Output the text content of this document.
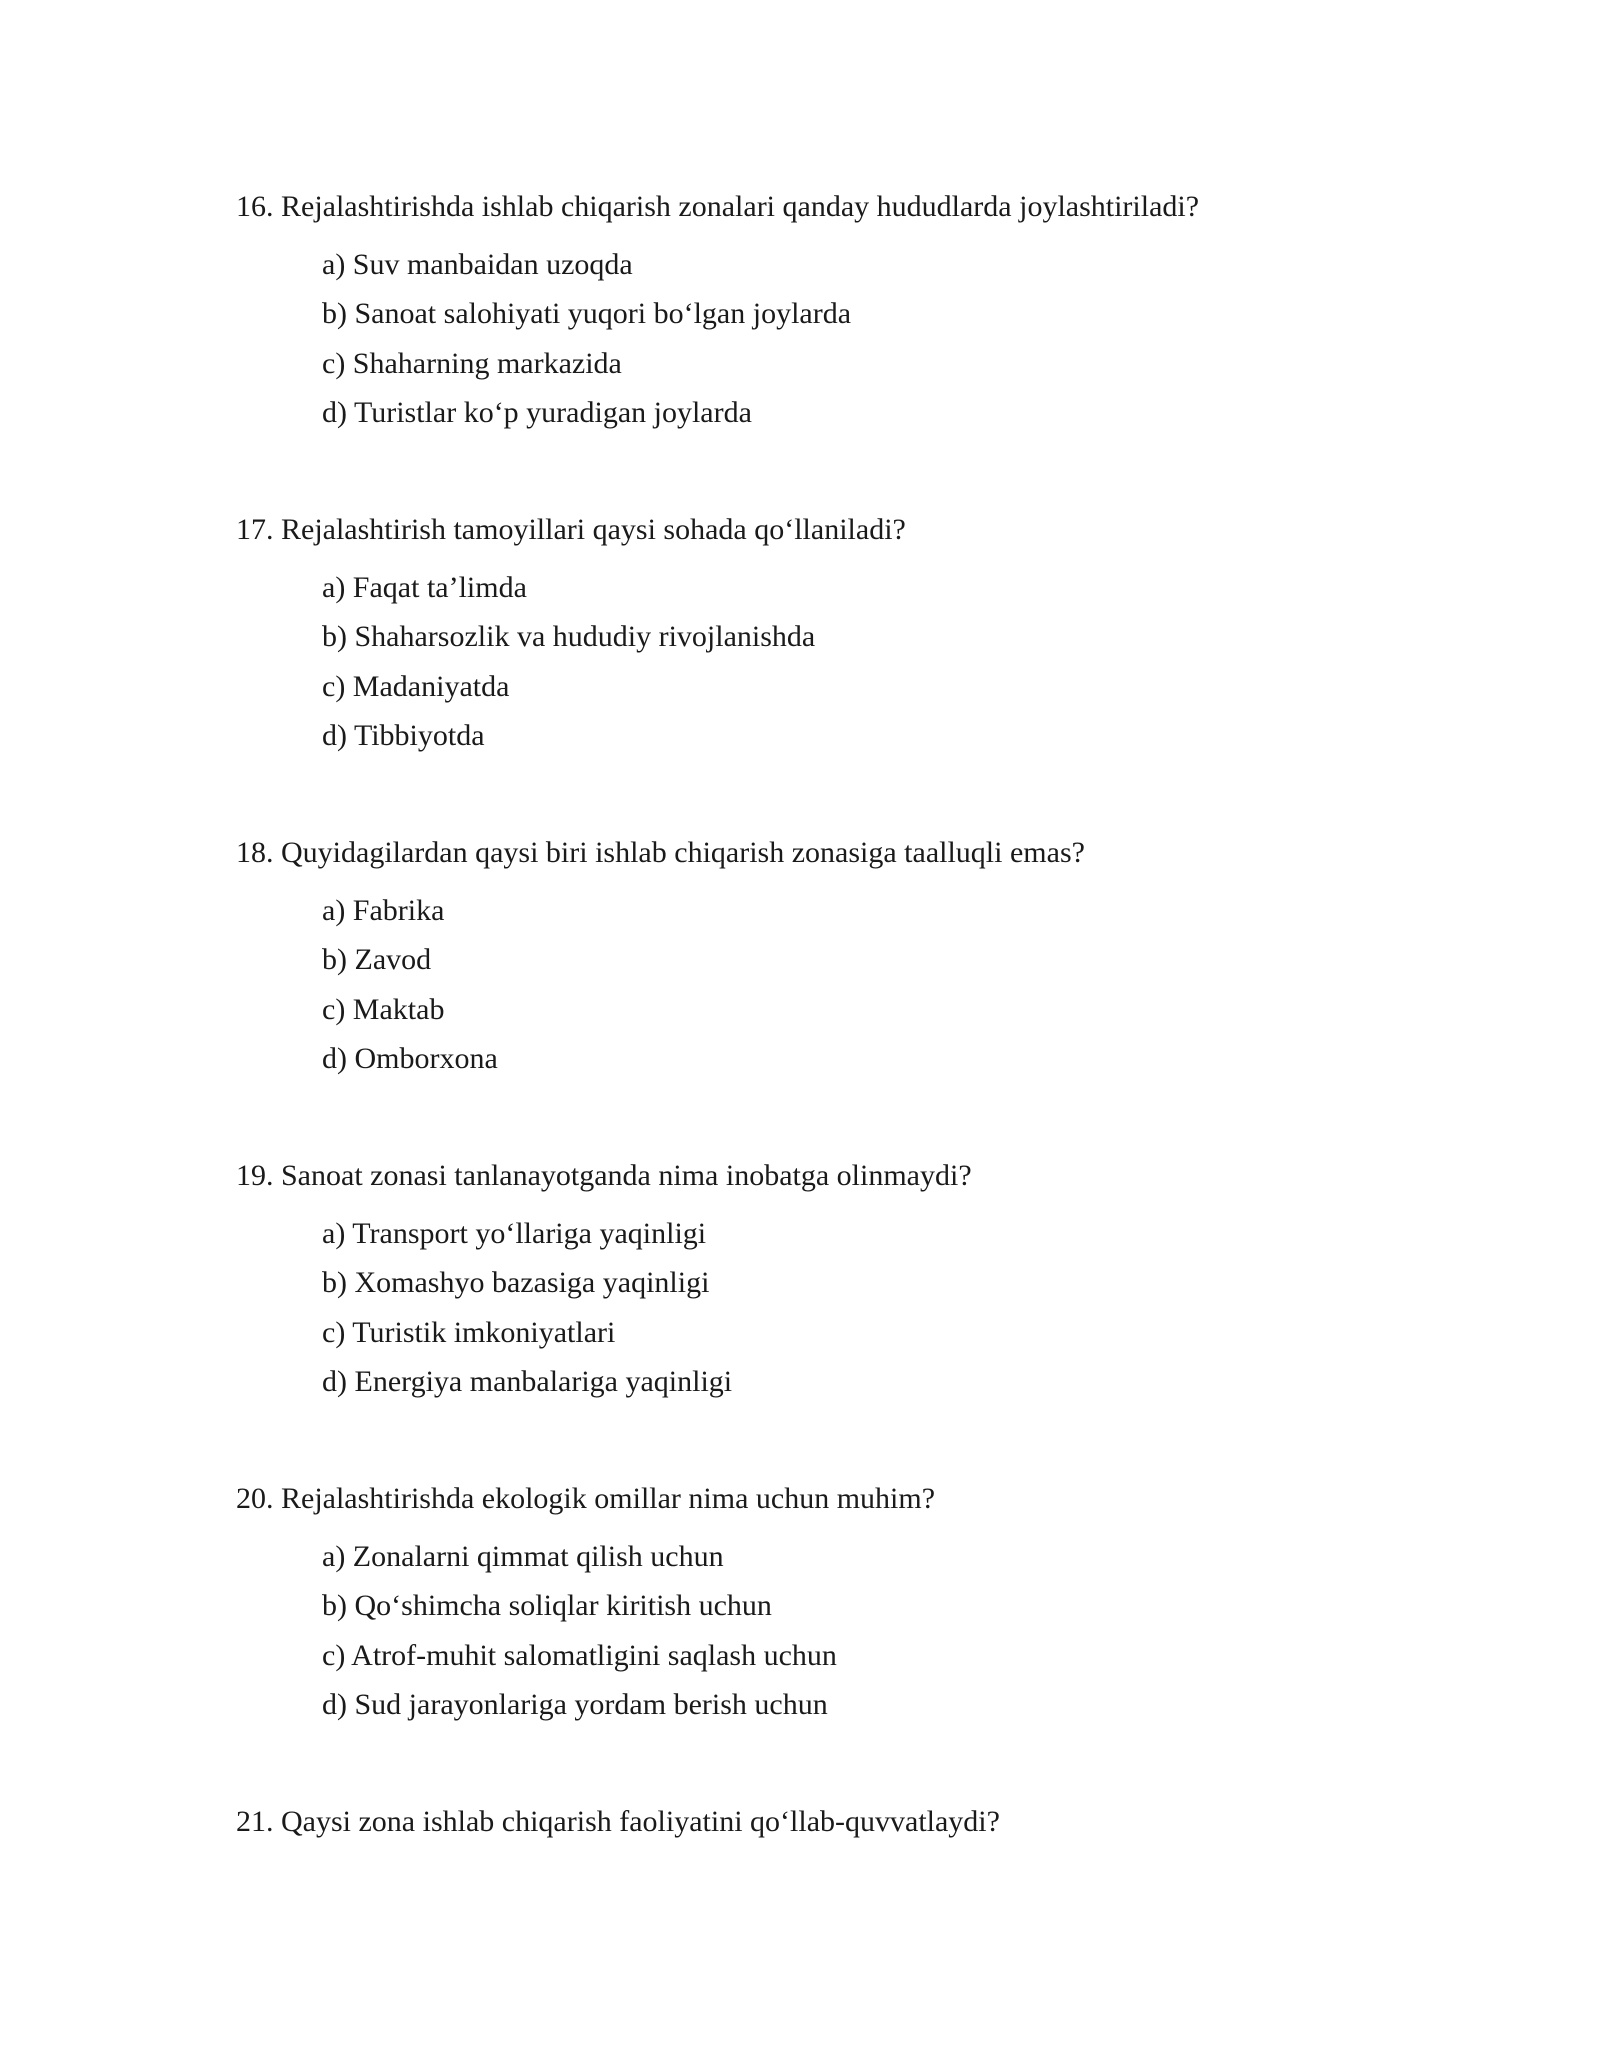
16. Rejalashtirishda ishlab chiqarish zonalari qanday hududlarda joylashtiriladi?
a) Suv manbaidan uzoqda
b) Sanoat salohiyati yuqori bo‘lgan joylarda
c) Shaharning markazida
d) Turistlar ko‘p yuradigan joylarda
17. Rejalashtirish tamoyillari qaysi sohada qo‘llaniladi?
a) Faqat ta’limda
b) Shaharsozlik va hududiy rivojlanishda
c) Madaniyatda
d) Tibbiyotda
18. Quyidagilardan qaysi biri ishlab chiqarish zonasiga taalluqli emas?
a) Fabrika
b) Zavod
c) Maktab
d) Omborxona
19. Sanoat zonasi tanlanayotganda nima inobatga olinmaydi?
a) Transport yo‘llariga yaqinligi
b) Xomashyo bazasiga yaqinligi
c) Turistik imkoniyatlari
d) Energiya manbalariga yaqinligi
20. Rejalashtirishda ekologik omillar nima uchun muhim?
a) Zonalarni qimmat qilish uchun
b) Qo‘shimcha soliqlar kiritish uchun
c) Atrof-muhit salomatligini saqlash uchun
d) Sud jarayonlariga yordam berish uchun
21. Qaysi zona ishlab chiqarish faoliyatini qo‘llab-quvvatlaydi?
